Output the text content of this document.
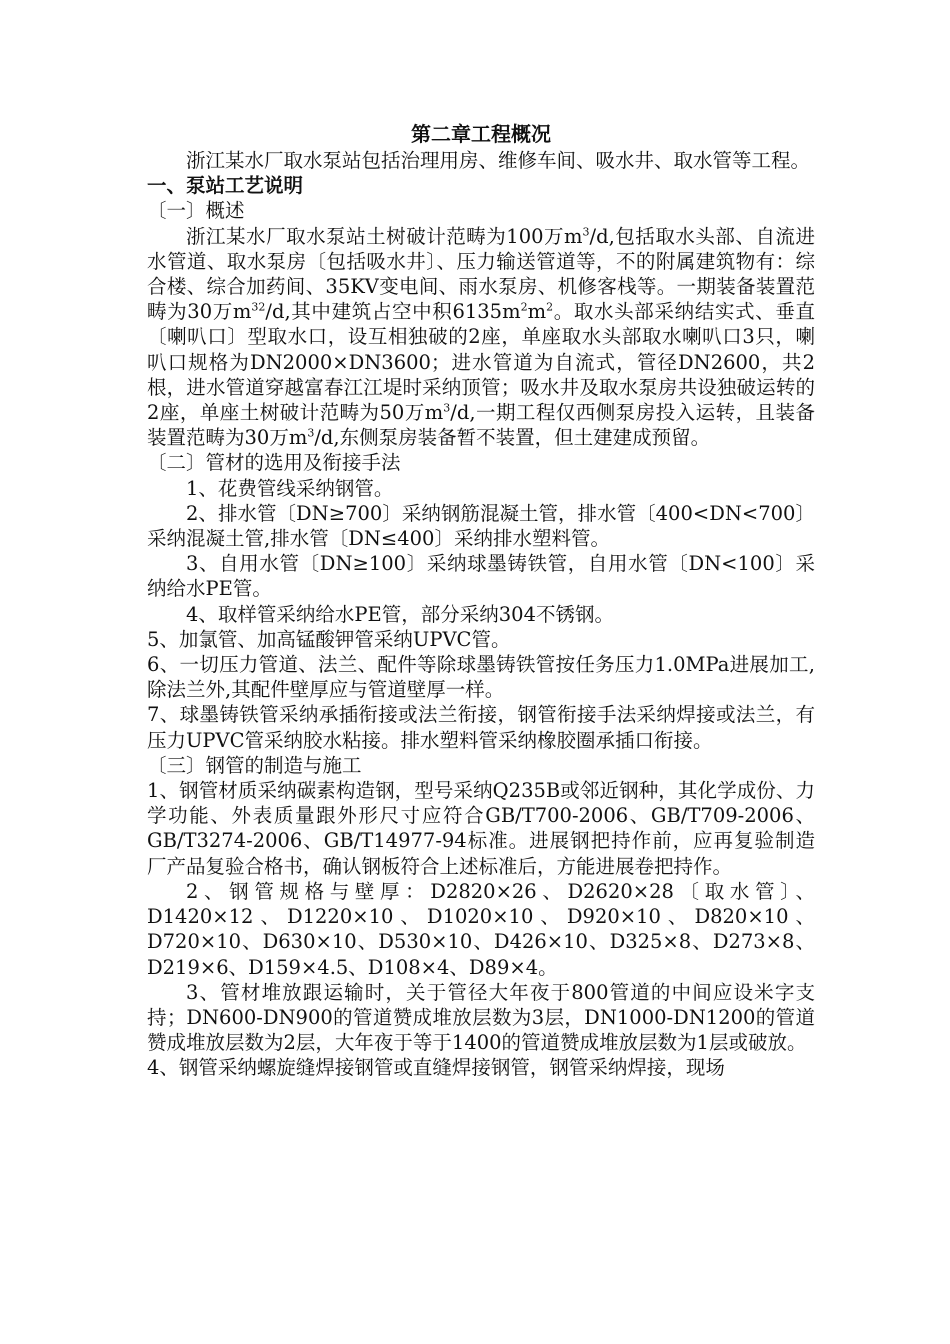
第二章工程概况

浙江某水厂取水泵站包括治理用房、维修车间、吸水井、取水管等工程。

一、泵站工艺说明

〔一〕概述

浙江某水厂取水泵站土树破计范畴为100万$m^3/d$,包括取水头部、自流进水管道、取水泵房〔包括吸水井〕、压力输送管道等，不的附属建筑物有：综合楼、综合加药间、35KV变电间、雨水泵房、机修客栈等。一期装备装置范畴为30万$m^{32}/d$,其中建筑占空中积$6135m^2m^2$。取水头部采纳结实式、垂直〔喇叭口〕型取水口，设互相独破的2座，单座取水头部取水喇叭口3只，喇叭口规格为DN2000×DN3600；进水管道为自流式，管径DN2600，共2根，进水管道穿越富春江江堤时采纳顶管；吸水井及取水泵房共设独破运转的2座，单座土树破计范畴为50万$m^3/d$,一期工程仅西侧泵房投入运转，且装备装置范畴为30万$m^3/d$,东侧泵房装备暂不装置，但土建建成预留。

〔二〕管材的选用及衔接手法

1、花费管线采纳钢管。

2、排水管〔DN≥700〕采纳钢筋混凝土管，排水管〔400<DN<700〕采纳混凝土管,排水管〔DN≤400〕采纳排水塑料管。

3、自用水管〔DN≥100〕采纳球墨铸铁管，自用水管〔DN<100〕采纳给水PE管。

4、取样管采纳给水PE管，部分采纳304不锈钢。

5、加氯管、加高锰酸钾管采纳UPVC管。

6、一切压力管道、法兰、配件等除球墨铸铁管按任务压力1.0MPa进展加工,除法兰外,其配件壁厚应与管道壁厚一样。

7、球墨铸铁管采纳承插衔接或法兰衔接，钢管衔接手法采纳焊接或法兰，有压力UPVC管采纳胶水粘接。排水塑料管采纳橡胶圈承插口衔接。

〔三〕钢管的制造与施工

1、钢管材质采纳碳素构造钢，型号采纳Q235B或邻近钢种，其化学成份、力学功能、外表质量跟外形尺寸应符合GB/T700-2006、GB/T709-2006、GB/T3274-2006、GB/T14977-94标准。进展钢把持作前，应再复验制造厂产品复验合格书，确认钢板符合上述标准后，方能进展卷把持作。

2、钢管规格与壁厚：D2820×26、D2620×28〔取水管〕、D1420×12、D1220×10、D1020×10、D920×10、D820×10、D720×10、D630×10、D530×10、D426×10、D325×8、D273×8、D219×6、D159×4.5、D108×4、D89×4。

3、管材堆放跟运输时，关于管径大年夜于800管道的中间应设米字支持；DN600-DN900的管道赞成堆放层数为3层，DN1000-DN1200的管道赞成堆放层数为2层，大年夜于等于1400的管道赞成堆放层数为1层或破放。

4、钢管采纳螺旋缝焊接钢管或直缝焊接钢管，钢管采纳焊接，现场
